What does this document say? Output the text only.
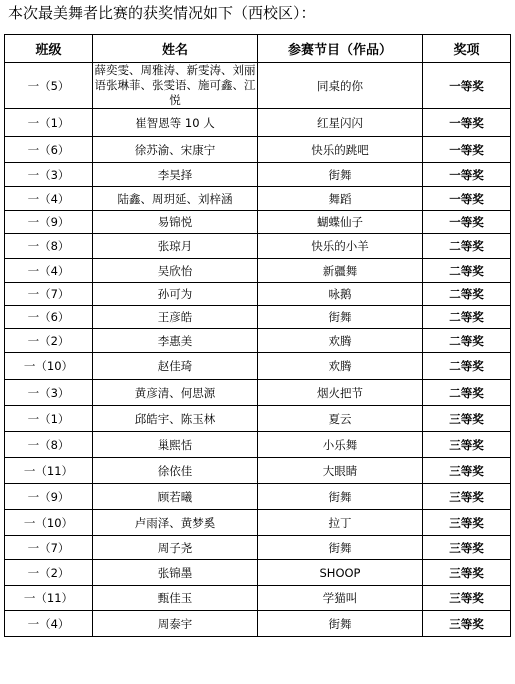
本次最美舞者比赛的获奖情况如下（西校区）：
班级	姓名	参赛节目（作品）	奖项
一（5）	薛奕雯、周雅涛、新雯涛、刘丽语张琳菲、张雯语、施可鑫、江悦	同桌的你	一等奖
一（1）	崔智恩等 10 人	红星闪闪	一等奖
一（6）	徐苏渝、宋康宁	快乐的跳吧	一等奖
一（3）	李昊择	街舞	一等奖
一（4）	陆鑫、周玥延、刘梓涵	舞蹈	一等奖
一（9）	易锦悦	蝴蝶仙子	一等奖
一（8）	张琼月	快乐的小羊	二等奖
一（4）	吴欣怡	新疆舞	二等奖
一（7）	孙可为	咏鹅	二等奖
一（6）	王彦皓	街舞	二等奖
一（2）	李惠美	欢腾	二等奖
一（10）	赵佳琦	欢腾	二等奖
一（3）	黄彦清、何思源	烟火把节	二等奖
一（1）	邱皓宇、陈玉林	夏云	三等奖
一（8）	巢熙恬	小乐舞	三等奖
一（11）	徐依佳	大眼睛	三等奖
一（9）	顾若曦	街舞	三等奖
一（10）	卢雨泽、黄梦奚	拉丁	三等奖
一（7）	周子尧	街舞	三等奖
一（2）	张锦墨	SHOOP	三等奖
一（11）	甄佳玉	学猫叫	三等奖
一（4）	周泰宇	街舞	三等奖
